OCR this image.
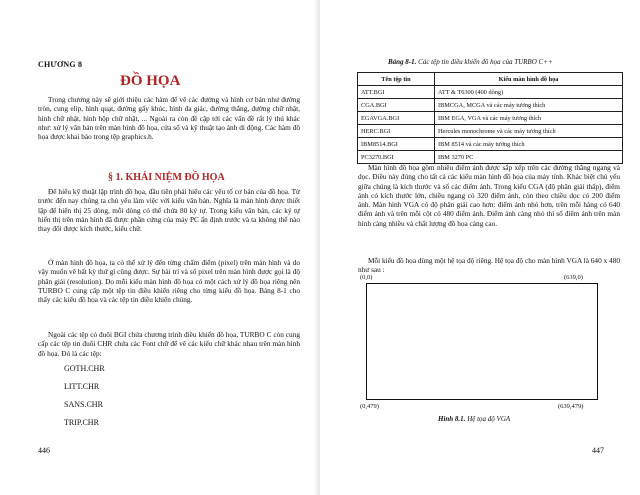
CHƯƠNG 8
ĐỒ HỌA

Trong chương này sẽ giới thiệu các hàm để vẽ các đường và hình cơ bản như đường tròn, cung elip, hình quạt, đường gấy khúc, hình đa giác, đường thẳng, đường chữ nhật, hình chữ nhật, hình hộp chữ nhật, ... Ngoài ra còn đề cập tới các vấn đề rất lý thú khác như: xử lý văn bản trên màn hình đồ họa, cửa sổ và kỹ thuật tạo ảnh di động. Các hàm đồ họa được khai báo trong tệp graphics.h.

§ 1. KHÁI NIỆM ĐỒ HỌA

Để hiểu kỹ thuật lập trình đồ họa, đầu tiên phải hiểu các yếu tố cơ bản của đồ họa. Từ trước đến nay chúng ta chủ yếu làm việc với kiểu văn bản. Nghĩa là màn hình được thiết lập để hiển thị 25 dòng, mỗi dòng có thể chứa 80 ký tự. Trong kiểu văn bản, các ký tự hiển thị trên màn hình đã được phần cứng của máy PC ấn định trước và ta không thể nào thay đổi được kích thước, kiểu chữ.

Ở màn hình đồ họa, ta có thể xử lý đến từng chấm điểm (pixel) trên màn hình và do vậy muốn vẽ bất kỳ thứ gì cũng được. Sự bài trí và số pixel trên màn hình được gọi là độ phân giải (resolution). Do mỗi kiểu màn hình đồ họa có một cách xử lý đồ họa riêng nên TURBO C cung cấp một tệp tin điều khiển riêng cho từng kiểu đồ họa. Bảng 8-1 cho thấy các kiểu đồ họa và các tệp tin điều khiển chúng.

Ngoài các tệp có đuôi BGI chứa chương trình điều khiển đồ họa, TURBO C còn cung cấp các tệp tin đuôi CHR chứa các Font chữ để vẽ các kiểu chữ khác nhau trên màn hình đồ họa. Đó là các tệp:

GOTH.CHR
LITT.CHR
SANS.CHR
TRIP.CHR
446
Bảng 8-1. Các tệp tin điều khiển đồ họa của TURBO C++
Tên tệp tin	Kiểu màn hình đồ họa
ATT.BGI	ATT & T6300 (400 dòng)
CGA.BGI	IBMCGA, MCGA và các máy tương thích
EGAVGA.BGI	IBM EGA, VGA và các máy tương thích
HERC.BGI	Hercules monochrome và các máy tương thích
IBM8514.BGI	IBM 8514 và các máy tương thích
PC3270.BGI	IBM 3270 PC

Màn hình đồ họa gồm nhiều điểm ảnh được sắp xếp trên các đường thẳng ngang và dọc. Điều này đúng cho tất cả các kiểu màn hình đồ họa của máy tính. Khác biệt chủ yếu giữa chúng là kích thước và số các điểm ảnh. Trong kiểu CGA (độ phân giải thấp), điểm ảnh có kích thước lớn, chiều ngang có 320 điểm ảnh, còn theo chiều dọc có 200 điểm ảnh. Màn hình VGA có độ phân giải cao hơn: điểm ảnh nhỏ hơn, trên mỗi hàng có 640 điểm ảnh và trên mỗi cột có 480 điểm ảnh. Điểm ảnh càng nhỏ thì số điểm ảnh trên màn hình càng nhiều và chất lượng đồ họa càng cao.

Mỗi kiểu đồ họa dùng một hệ tọa độ riêng. Hệ tọa độ cho màn hình VGA là 640 x 480 như sau :

(0,0)	(639,0)
(0,479)	(639,479)
Hình 8.1. Hệ tọa độ VGA
447
